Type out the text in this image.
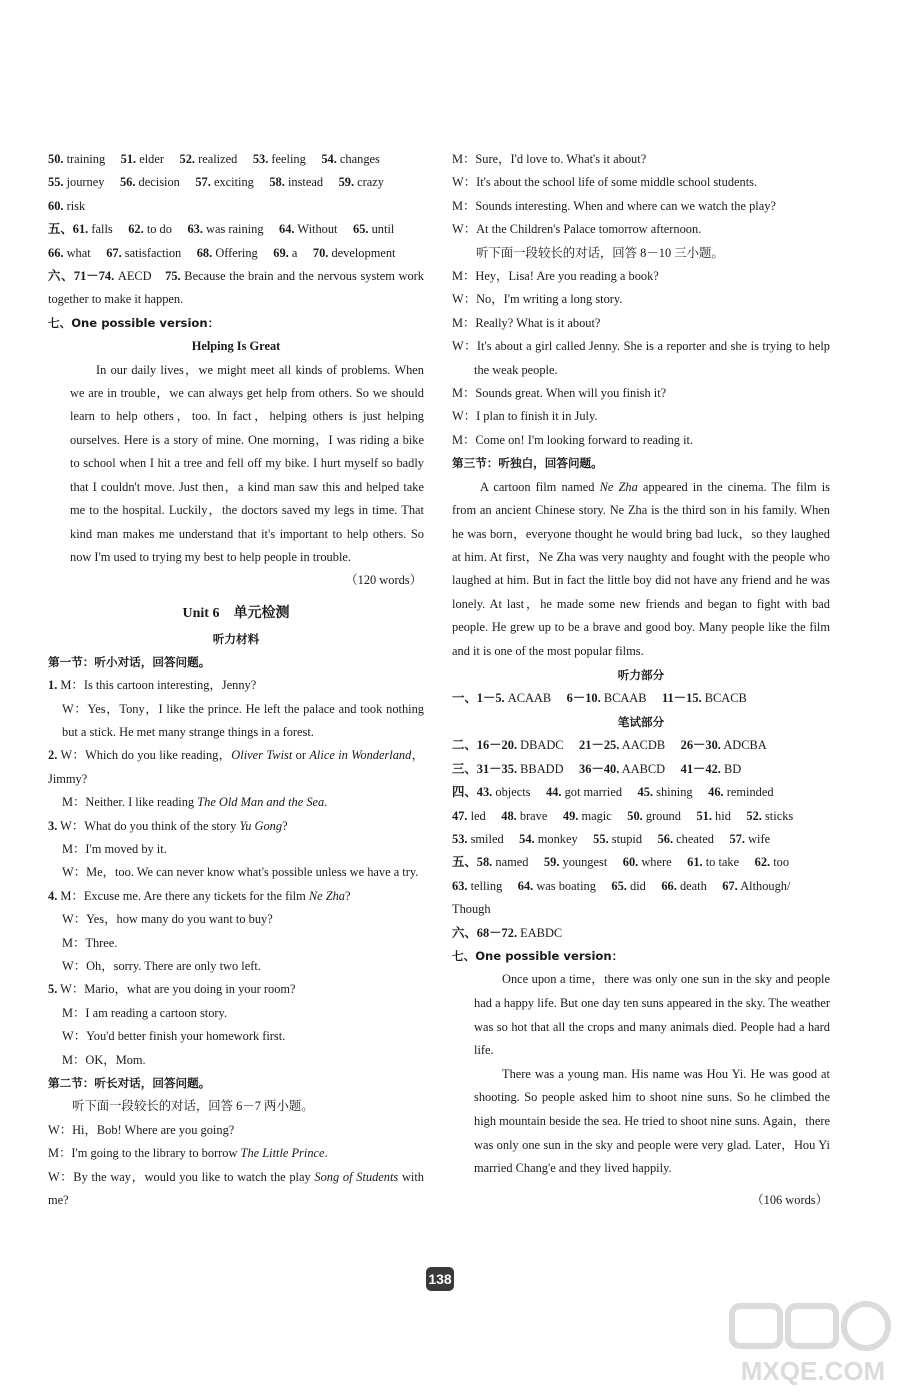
50. training　 51. elder　 52. realized　 53. feeling　 54. changes
55. journey　 56. decision　 57. exciting　 58. instead　 59. crazy
60. risk
五、61. falls　 62. to do　 63. was raining　 64. Without　 65. until
66. what　 67. satisfaction　 68. Offering　 69. a　 70. development
六、71－74. AECD　 75. Because the brain and the nervous system work together to make it happen.
七、One possible version：
Helping Is Great

In our daily lives，we might meet all kinds of problems. When we are in trouble，we can always get help from others. So we should learn to help others，too. In fact，helping others is just helping ourselves. Here is a story of mine. One morning，I was riding a bike to school when I hit a tree and fell off my bike. I hurt myself so badly that I couldn't move. Just then，a kind man saw this and helped take me to the hospital. Luckily，the doctors saved my legs in time. That kind man makes me understand that it's important to help others. So now I'm used to trying my best to help people in trouble.

（120 words）
Unit 6　单元检测
听力材料
第一节：听小对话，回答问题。
1. M：Is this cartoon interesting，Jenny?
W：Yes，Tony，I like the prince. He left the palace and took nothing but a stick. He met many strange things in a forest.
2. W：Which do you like reading，Oliver Twist or Alice in Wonderland，Jimmy?
M：Neither. I like reading The Old Man and the Sea.
3. W：What do you think of the story Yu Gong?
M：I'm moved by it.
W：Me，too. We can never know what's possible unless we have a try.
4. M：Excuse me. Are there any tickets for the film Ne Zha?
W：Yes，how many do you want to buy?
M：Three.
W：Oh，sorry. There are only two left.
5. W：Mario，what are you doing in your room?
M：I am reading a cartoon story.
W：You'd better finish your homework first.
M：OK，Mom.
第二节：听长对话，回答问题。
听下面一段较长的对话，回答 6－7 两小题。
W：Hi，Bob! Where are you going?
M：I'm going to the library to borrow The Little Prince.
W：By the way，would you like to watch the play Song of Students with me?
M：Sure，I'd love to. What's it about?
W：It's about the school life of some middle school students.
M：Sounds interesting. When and where can we watch the play?
W：At the Children's Palace tomorrow afternoon.
听下面一段较长的对话，回答 8－10 三小题。
M：Hey，Lisa! Are you reading a book?
W：No，I'm writing a long story.
M：Really? What is it about?
W：It's about a girl called Jenny. She is a reporter and she is trying to help the weak people.
M：Sounds great. When will you finish it?
W：I plan to finish it in July.
M：Come on! I'm looking forward to reading it.
第三节：听独白，回答问题。

A cartoon film named Ne Zha appeared in the cinema. The film is from an ancient Chinese story. Ne Zha is the third son in his family. When he was born，everyone thought he would bring bad luck，so they laughed at him. At first，Ne Zha was very naughty and fought with the people who laughed at him. But in fact the little boy did not have any friend and he was lonely. At last，he made some new friends and began to fight with bad people. He grew up to be a brave and good boy. Many people like the film and it is one of the most popular films.

听力部分
一、1－5. ACAAB　 6－10. BCAAB　 11－15. BCACB
笔试部分
二、16－20. DBADC　 21－25. AACDB　 26－30. ADCBA
三、31－35. BBADD　 36－40. AABCD　 41－42. BD
四、43. objects　 44. got married　 45. shining　 46. reminded
47. led　 48. brave　 49. magic　 50. ground　 51. hid　 52. sticks
53. smiled　 54. monkey　 55. stupid　 56. cheated　 57. wife
五、58. named　 59. youngest　 60. where　 61. to take　 62. too
63. telling　 64. was boating　 65. did　 66. death　 67. Although/
Though
六、68－72. EABDC
七、One possible version：

Once upon a time，there was only one sun in the sky and people had a happy life. But one day ten suns appeared in the sky. The weather was so hot that all the crops and many animals died. People had a hard life.

There was a young man. His name was Hou Yi. He was good at shooting. So people asked him to shoot nine suns. So he climbed the high mountain beside the sea. He tried to shoot nine suns. Again，there was only one sun in the sky and people were very glad. Later，Hou Yi married Chang'e and they lived happily.

（106 words）
138
MXQE.COM
